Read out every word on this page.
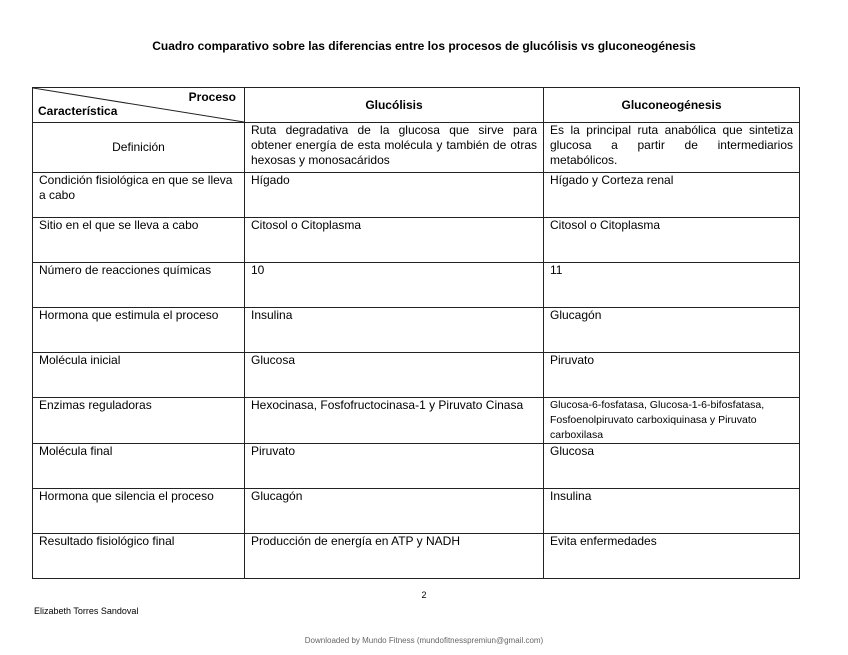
Cuadro comparativo sobre las diferencias entre los procesos de glucólisis vs gluconeogénesis
Proceso
Característica	Glucólisis	Gluconeogénesis
Definición	Ruta degradativa de la glucosa que sirve para obtener energía de esta molécula y también de otras hexosas y monosacáridos	Es la principal ruta anabólica que sintetiza glucosa a partir de intermediarios metabólicos.
Condición fisiológica en que se lleva a cabo	Hígado	Hígado y Corteza renal
Sitio en el que se lleva a cabo	Citosol o Citoplasma	Citosol o Citoplasma
Número de reacciones químicas	10	11
Hormona que estimula el proceso	Insulina	Glucagón
Molécula inicial	Glucosa	Piruvato
Enzimas reguladoras	Hexocinasa, Fosfofructocinasa-1 y Piruvato Cinasa	Glucosa-6-fosfatasa, Glucosa-1-6-bifosfatasa, Fosfoenolpiruvato carboxiquinasa y Piruvato carboxilasa
Molécula final	Piruvato	Glucosa
Hormona que silencia el proceso	Glucagón	Insulina
Resultado fisiológico final	Producción de energía en ATP y NADH	Evita enfermedades
2
Elizabeth Torres Sandoval
Downloaded by Mundo Fitness (mundofitnesspremiun@gmail.com)
